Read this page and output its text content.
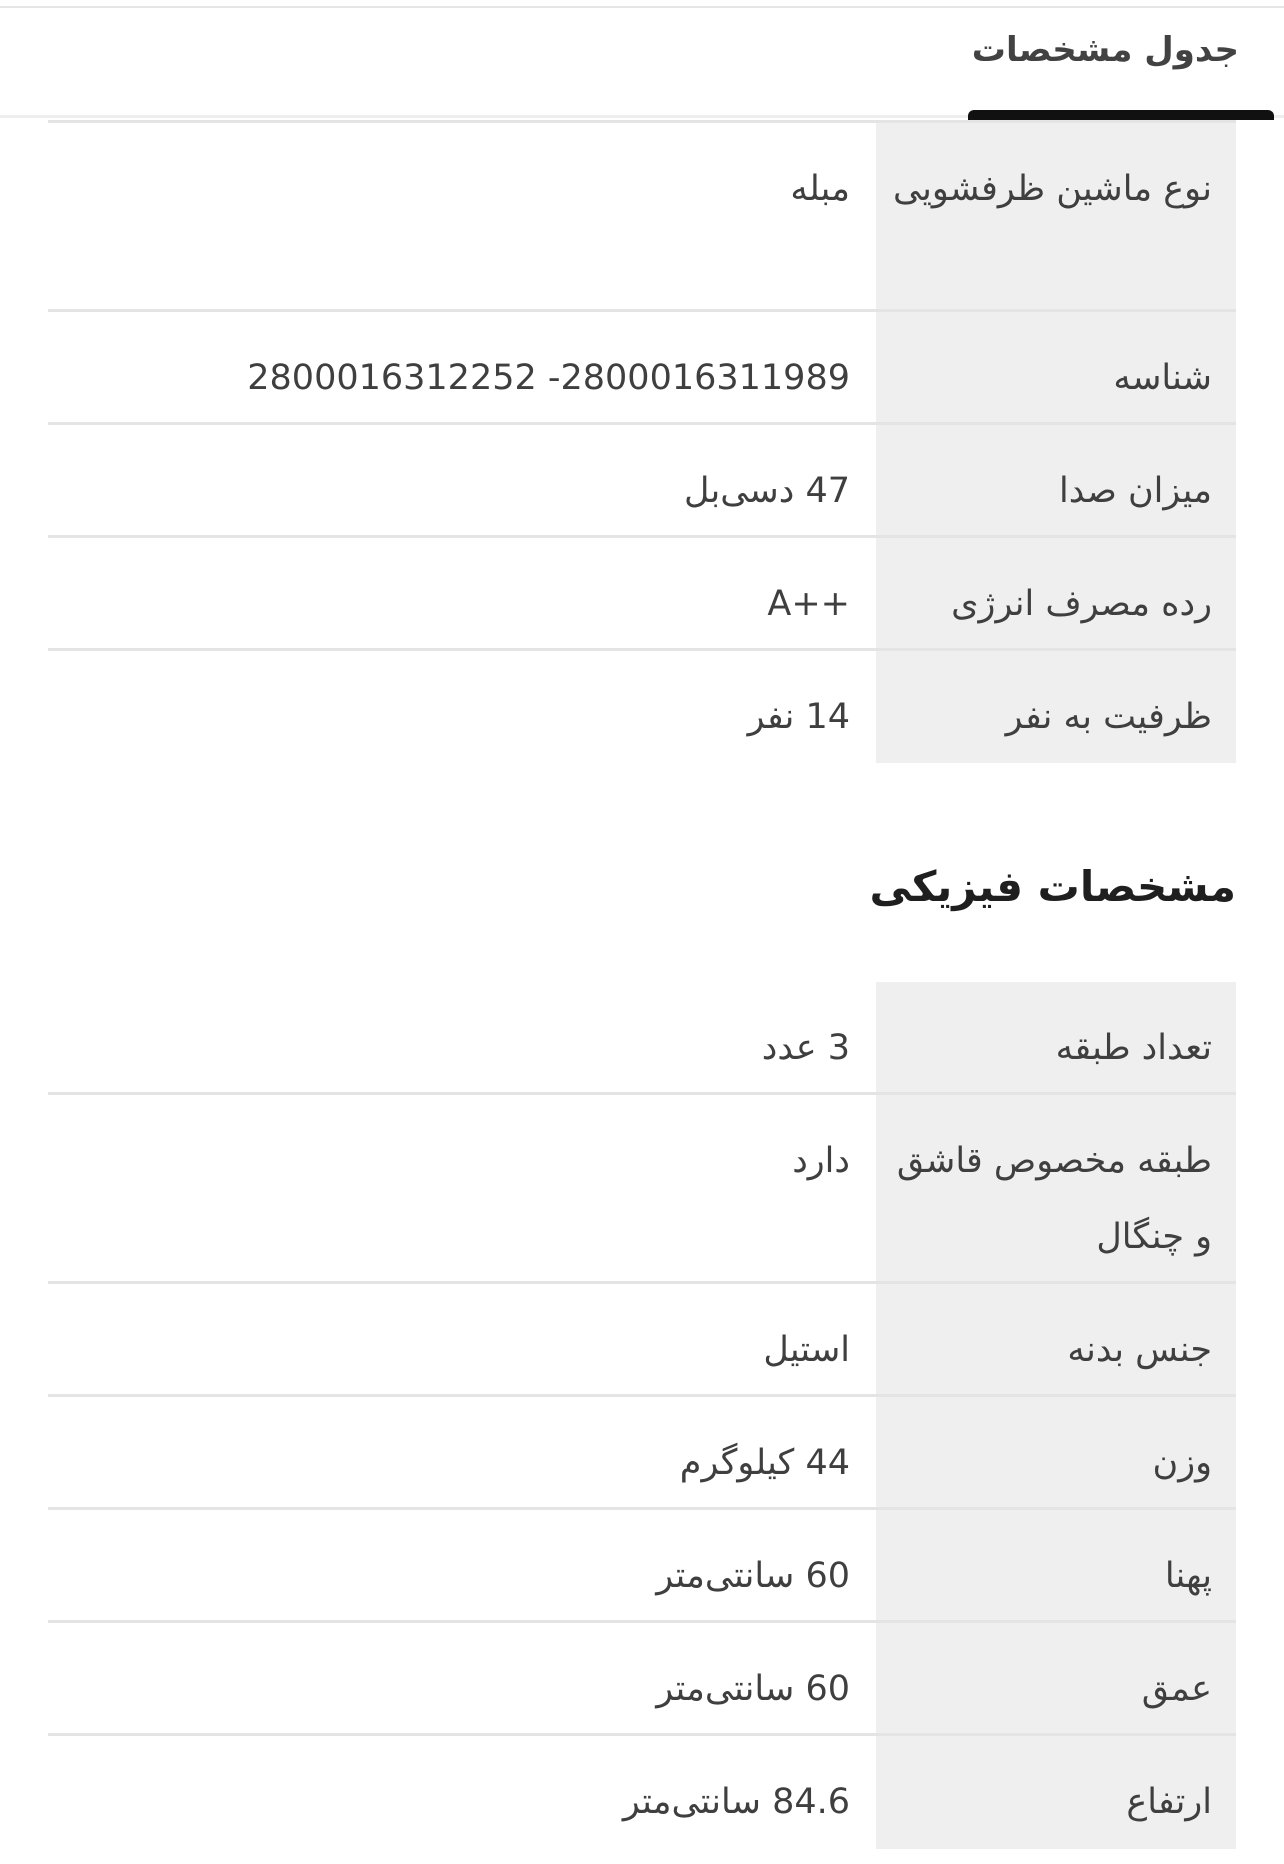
جدول مشخصات
نوع ماشین ظرفشویی
مبله
شناسه
2800016312252 -2800016311989
میزان صدا
47 دسی‌بل
رده مصرف انرژی
A++
ظرفیت به نفر
14 نفر
مشخصات فیزیکی
تعداد طبقه
3 عدد
طبقه مخصوص قاشق و چنگال
دارد
جنس بدنه
استیل
وزن
44 کیلوگرم
پهنا
60 سانتی‌متر
عمق
60 سانتی‌متر
ارتفاع
84.6 سانتی‌متر
